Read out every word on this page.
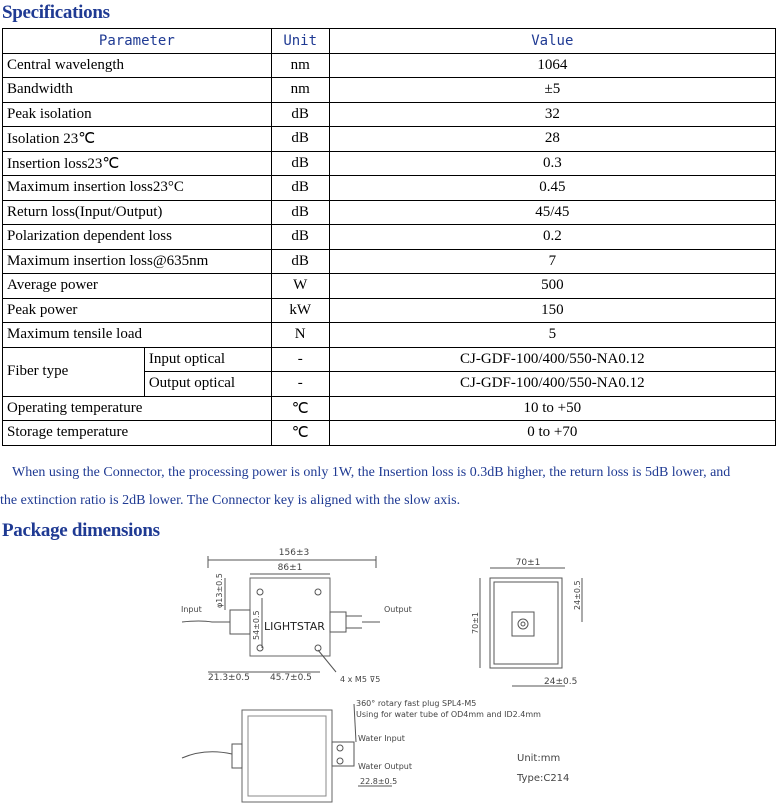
Specifications
Parameter		Unit	Value
Central wavelength		nm	1064
Bandwidth		nm	±5
Peak isolation		dB	32
Isolation 23℃		dB	28
Insertion loss23℃		dB	0.3
Maximum insertion loss23°C		dB	0.45
Return loss(Input/Output)		dB	45/45
Polarization dependent loss		dB	0.2
Maximum insertion loss@635nm		dB	7
Average power		W	500
Peak power		kW	150
Maximum tensile load		N	5
Fiber type	Input optical	-	CJ-GDF-100/400/550-NA0.12
	Output optical	-	CJ-GDF-100/400/550-NA0.12
Operating temperature		℃	10 to +50
Storage temperature		℃	0 to +70
When using the Connector, the processing power is only 1W, the Insertion loss is 0.3dB higher, the return loss is 5dB lower, and
the extinction ratio is 2dB lower. The Connector key is aligned with the slow axis.
Package dimensions
156±3
86±1
Input	Output
LIGHTSTAR
φ13±0.5
54±0.5
21.3±0.5 45.7±0.5	4 x M5 ⊽5
70±1
24±0.5
70±1
24±0.5
360° rotary fast plug SPL4-M5
Using for water tube of OD4mm and ID2.4mm
Water Input
Water Output
22.8±0.5
Unit:mm
Type:C214
